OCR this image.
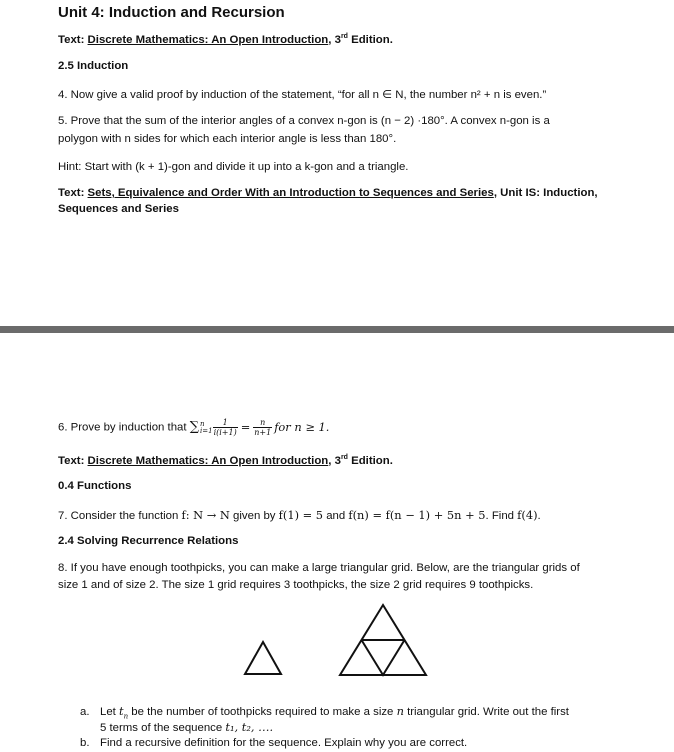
Unit 4: Induction and Recursion
Text: Discrete Mathematics: An Open Introduction, 3rd Edition.
2.5 Induction
4. Now give a valid proof by induction of the statement, “for all n ∈ N, the number n² + n is even.”
5. Prove that the sum of the interior angles of a convex n-gon is (n − 2) ·180°. A convex n-gon is a
polygon with n sides for which each interior angle is less than 180°.
Hint: Start with (k + 1)-gon and divide it up into a k-gon and a triangle.
Text: Sets, Equivalence and Order With an Introduction to Sequences and Series, Unit IS: Induction,
Sequences and Series
6. Prove by induction that ∑ n
$i=1 \frac{1}{i(i+1)} = \frac{n}{n+1}$ for n ≥ 1.
Text: Discrete Mathematics: An Open Introduction, 3rd Edition.
0.4 Functions
7. Consider the function f: N → N given by f(1) = 5 and f(n) = f(n − 1) + 5n + 5. Find f(4).
2.4 Solving Recurrence Relations
8. If you have enough toothpicks, you can make a large triangular grid. Below, are the triangular grids of
size 1 and of size 2. The size 1 grid requires 3 toothpicks, the size 2 grid requires 9 toothpicks.
a. Let $t_n$ be the number of toothpicks required to make a size n triangular grid. Write out the first
5 terms of the sequence t₁, t₂, ….
b. Find a recursive definition for the sequence. Explain why you are correct.
